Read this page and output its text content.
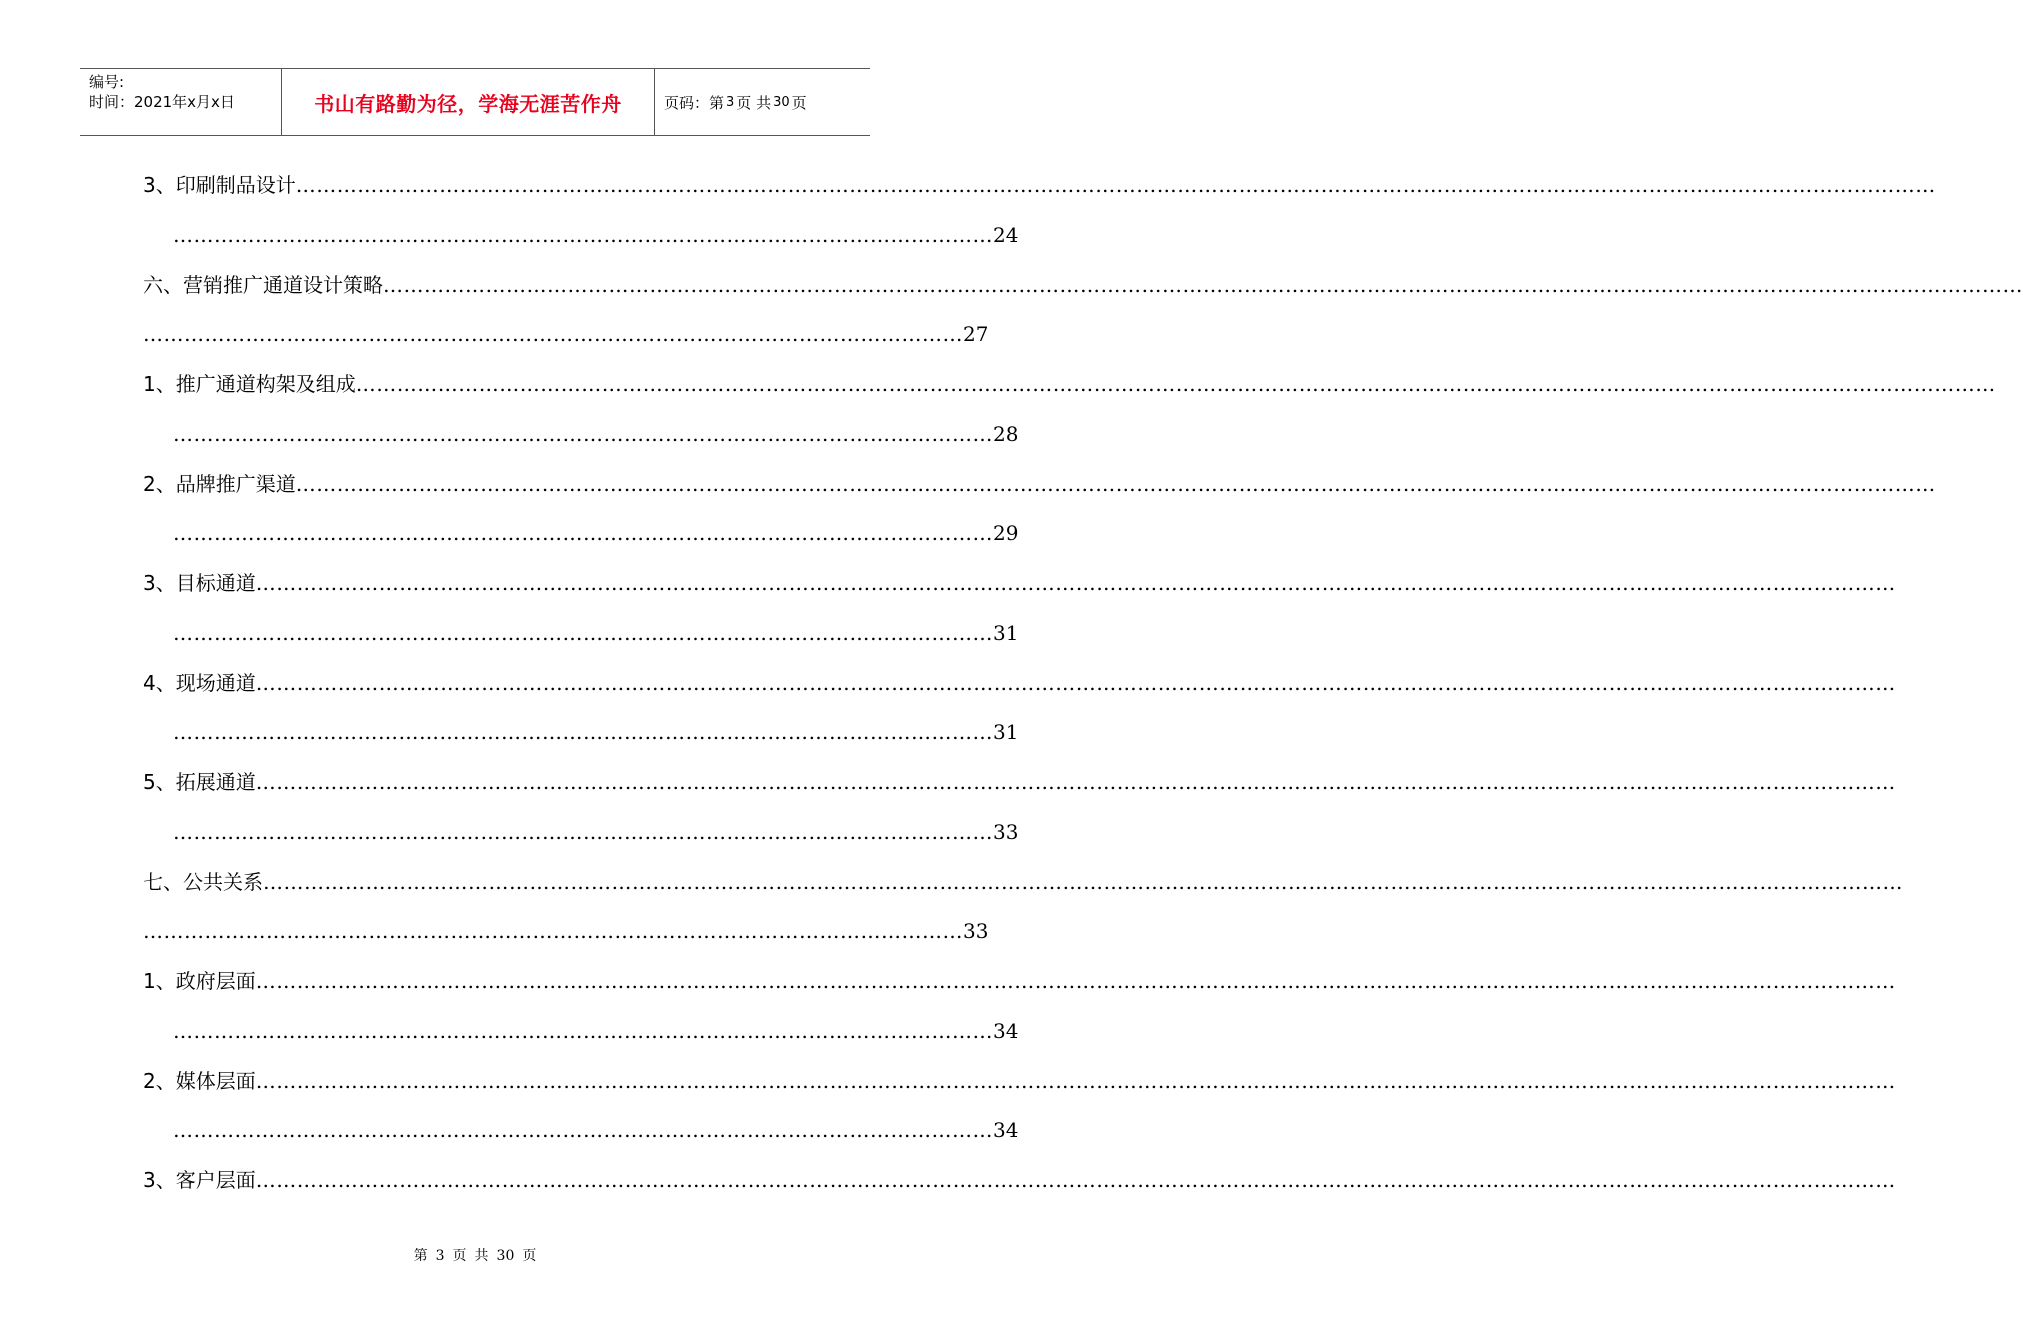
编号:
时间：2021年x月x日	书山有路勤为径，学海无涯苦作舟	页码：第 3 页 共 30 页
3、印刷制品设计……………………………………………………………………………………………………………………………………………………………………………………………………………………
…………………………………………………………………………………………………………24
六、营销推广通道设计策略……………………………………………………………………………………………………………………………………………………………………………………………………………………
…………………………………………………………………………………………………………27
1、推广通道构架及组成……………………………………………………………………………………………………………………………………………………………………………………………………………………
…………………………………………………………………………………………………………28
2、品牌推广渠道……………………………………………………………………………………………………………………………………………………………………………………………………………………
…………………………………………………………………………………………………………29
3、目标通道……………………………………………………………………………………………………………………………………………………………………………………………………………………
…………………………………………………………………………………………………………31
4、现场通道……………………………………………………………………………………………………………………………………………………………………………………………………………………
…………………………………………………………………………………………………………31
5、拓展通道……………………………………………………………………………………………………………………………………………………………………………………………………………………
…………………………………………………………………………………………………………33
七、公共关系……………………………………………………………………………………………………………………………………………………………………………………………………………………
…………………………………………………………………………………………………………33
1、政府层面……………………………………………………………………………………………………………………………………………………………………………………………………………………
…………………………………………………………………………………………………………34
2、媒体层面……………………………………………………………………………………………………………………………………………………………………………………………………………………
…………………………………………………………………………………………………………34
3、客户层面……………………………………………………………………………………………………………………………………………………………………………………………………………………
第 3 页 共 30 页
